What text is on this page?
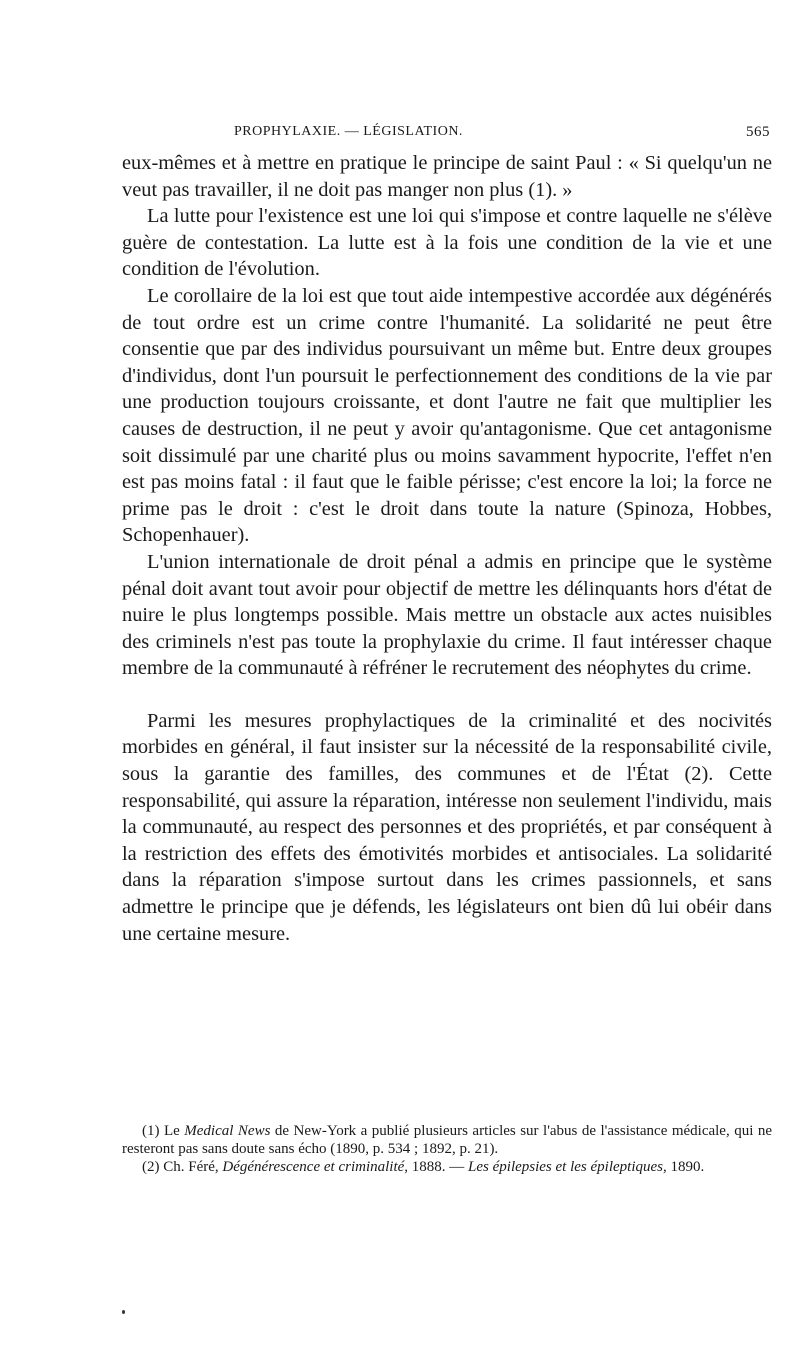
PROPHYLAXIE. — LÉGISLATION.	565

eux-mêmes et à mettre en pratique le principe de saint Paul : « Si quelqu'un ne veut pas travailler, il ne doit pas manger non plus (1). »

La lutte pour l'existence est une loi qui s'impose et contre laquelle ne s'élève guère de contestation. La lutte est à la fois une condition de la vie et une condition de l'évolution.

Le corollaire de la loi est que tout aide intempestive accordée aux dégénérés de tout ordre est un crime contre l'humanité. La solidarité ne peut être consentie que par des individus poursuivant un même but. Entre deux groupes d'individus, dont l'un poursuit le perfectionnement des conditions de la vie par une production toujours croissante, et dont l'autre ne fait que multiplier les causes de destruction, il ne peut y avoir qu'antagonisme. Que cet antagonisme soit dissimulé par une charité plus ou moins savamment hypocrite, l'effet n'en est pas moins fatal : il faut que le faible périsse; c'est encore la loi; la force ne prime pas le droit : c'est le droit dans toute la nature (Spinoza, Hobbes, Schopenhauer).

L'union internationale de droit pénal a admis en principe que le système pénal doit avant tout avoir pour objectif de mettre les délinquants hors d'état de nuire le plus longtemps possible. Mais mettre un obstacle aux actes nuisibles des criminels n'est pas toute la prophylaxie du crime. Il faut intéresser chaque membre de la communauté à réfréner le recrutement des néophytes du crime.

Parmi les mesures prophylactiques de la criminalité et des nocivités morbides en général, il faut insister sur la nécessité de la responsabilité civile, sous la garantie des familles, des communes et de l'État (2). Cette responsabilité, qui assure la réparation, intéresse non seulement l'individu, mais la communauté, au respect des personnes et des propriétés, et par conséquent à la restriction des effets des émotivités morbides et antisociales. La solidarité dans la réparation s'impose surtout dans les crimes passionnels, et sans admettre le principe que je défends, les législateurs ont bien dû lui obéir dans une certaine mesure.

(1) Le Medical News de New-York a publié plusieurs articles sur l'abus de l'assistance médicale, qui ne resteront pas sans doute sans écho (1890, p. 534 ; 1892, p. 21).

(2) Ch. Féré, Dégénérescence et criminalité, 1888. — Les épilepsies et les épileptiques, 1890.
